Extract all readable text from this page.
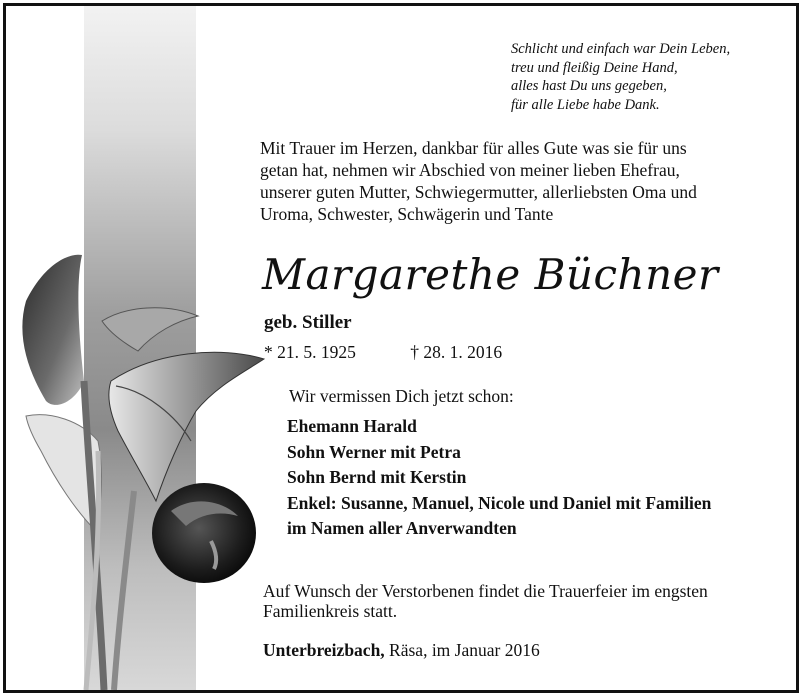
Schlicht und einfach war Dein Leben,
treu und fleißig Deine Hand,
alles hast Du uns gegeben,
für alle Liebe habe Dank.
Mit Trauer im Herzen, dankbar für alles Gute was sie für uns
getan hat, nehmen wir Abschied von meiner lieben Ehefrau,
unserer guten Mutter, Schwiegermutter, allerliebsten Oma und
Uroma, Schwester, Schwägerin und Tante
Margarethe Büchner
geb. Stiller
* 21. 5. 1925	† 28. 1. 2016
Wir vermissen Dich jetzt schon:
Ehemann Harald
Sohn Werner mit Petra
Sohn Bernd mit Kerstin
Enkel: Susanne, Manuel, Nicole und Daniel mit Familien
im Namen aller Anverwandten
Auf Wunsch der Verstorbenen findet die Trauerfeier im engsten
Familienkreis statt.
Unterbreizbach, Räsa, im Januar 2016
